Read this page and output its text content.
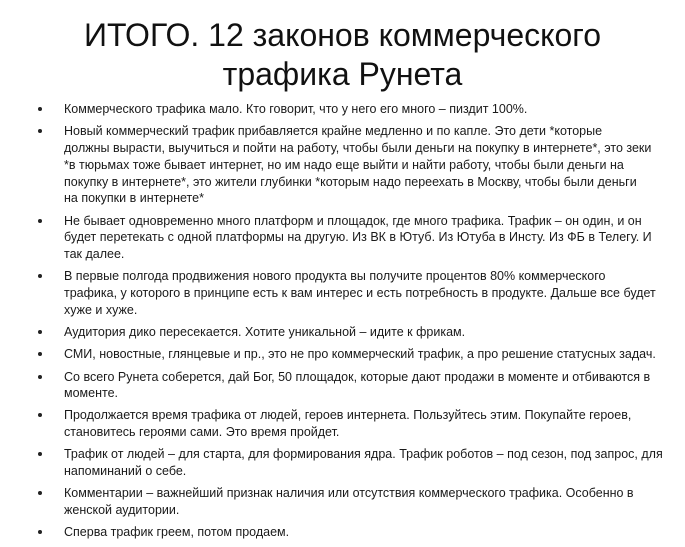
ИТОГО. 12 законов коммерческого
трафика Рунета
Коммерческого трафика мало. Кто говорит, что у него его много – пиздит 100%.
Новый коммерческий трафик прибавляется крайне медленно и по капле. Это дети *которые
должны вырасти, выучиться и пойти на работу, чтобы были деньги на покупку в интернете*, это зеки
*в тюрьмах тоже бывает интернет, но им надо еще выйти и найти работу, чтобы были деньги на
покупку в интернете*, это жители глубинки *которым надо переехать в Москву, чтобы были деньги
на покупки в интернете*
Не бывает одновременно много платформ и площадок, где много трафика. Трафик – он один, и он
будет перетекать с одной платформы на другую. Из ВК в Ютуб. Из Ютуба в Инсту. Из ФБ в Телегу. И
так далее.
В первые полгода продвижения нового продукта вы получите процентов 80% коммерческого
трафика, у которого в принципе есть к вам интерес и есть потребность в продукте. Дальше все будет
хуже и хуже.
Аудитория дико пересекается. Хотите уникальной – идите к фрикам.
СМИ, новостные, глянцевые и пр., это не про коммерческий трафик, а про решение статусных задач.
Со всего Рунета соберется, дай Бог, 50 площадок, которые дают продажи в моменте и отбиваются в
моменте.
Продолжается время трафика от людей, героев интернета. Пользуйтесь этим. Покупайте героев,
становитесь героями сами. Это время пройдет.
Трафик от людей – для старта, для формирования ядра. Трафик роботов – под сезон, под запрос, для
напоминаний о себе.
Комментарии – важнейший признак наличия или отсутствия коммерческого трафика. Особенно в
женской аудитории.
Сперва трафик греем, потом продаем.
